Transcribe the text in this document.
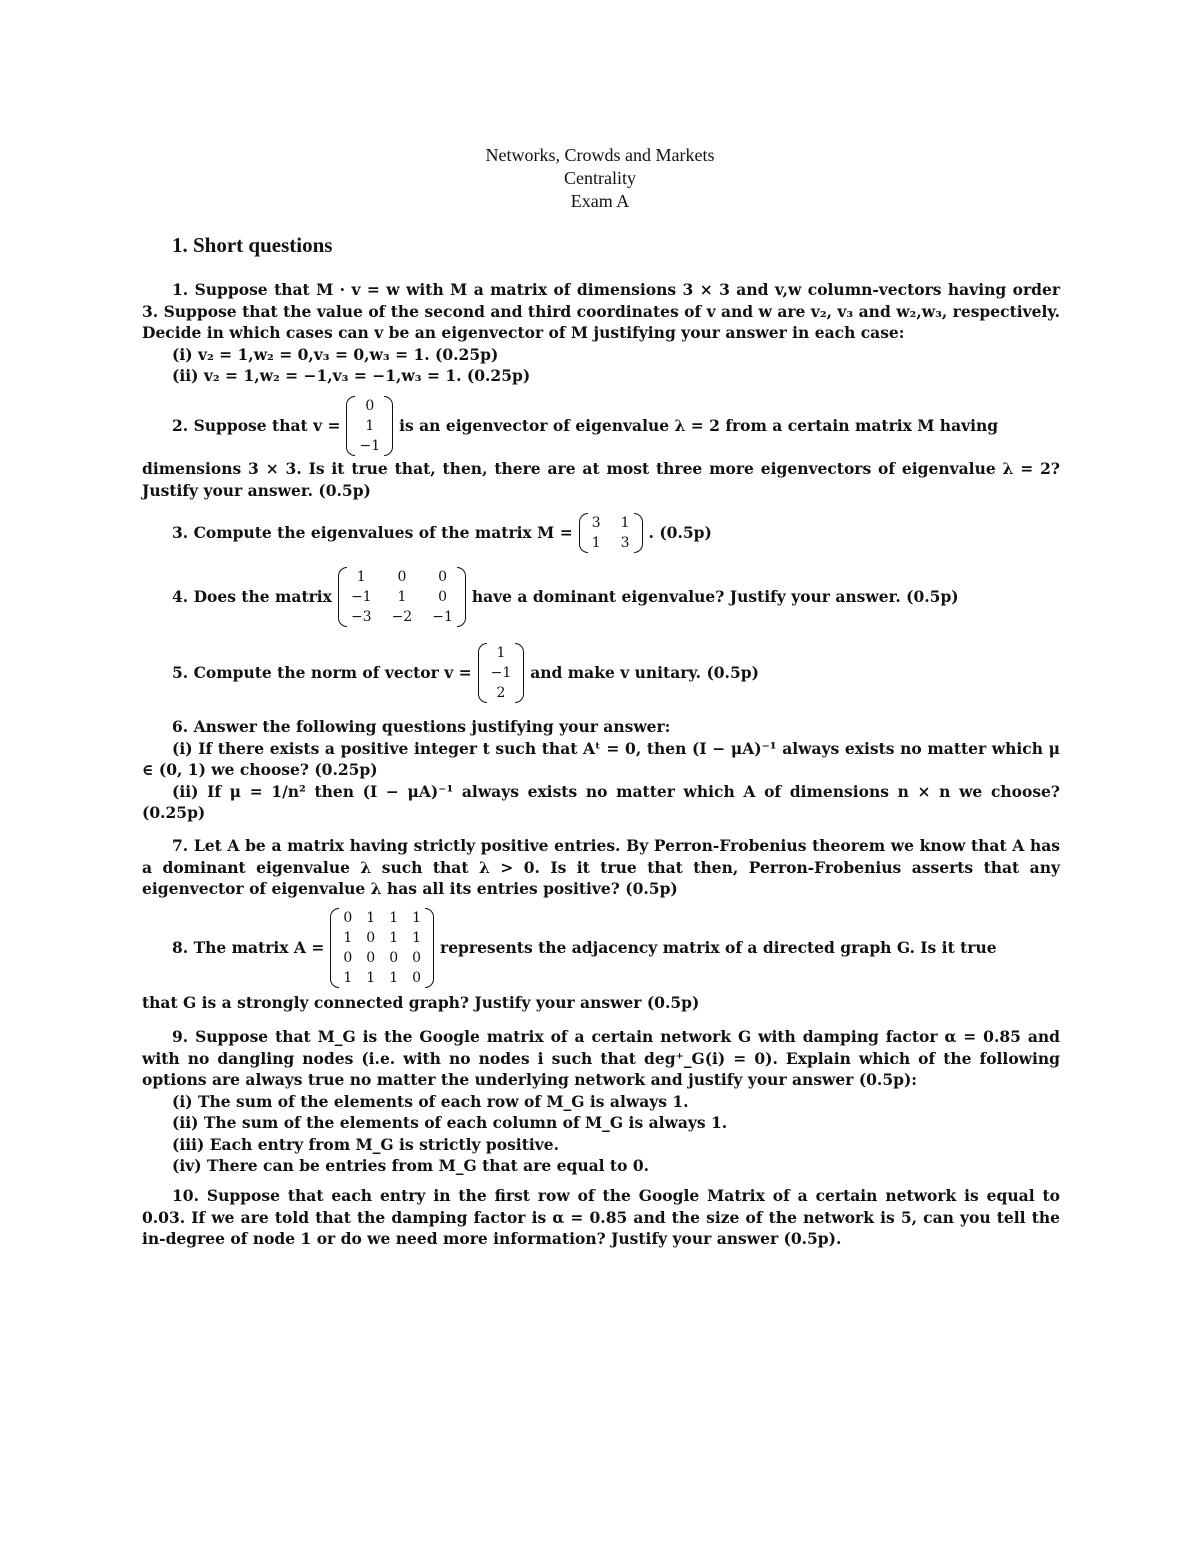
Networks, Crowds and Markets
Centrality
Exam A
1. Short questions

1. Suppose that M · v = w with M a matrix of dimensions 3 × 3 and v,w column-vectors having order 3. Suppose that the value of the second and third coordinates of v and w are v₂, v₃ and w₂,w₃, respectively. Decide in which cases can v be an eigenvector of M justifying your answer in each case:

(i) v₂ = 1,w₂ = 0,v₃ = 0,w₃ = 1. (0.25p)

(ii) v₂ = 1,w₂ = −1,v₃ = −1,w₃ = 1. (0.25p)

2. Suppose that v =
0
1
−1
is an eigenvector of eigenvalue λ = 2 from a certain matrix M having

dimensions 3 × 3. Is it true that, then, there are at most three more eigenvectors of eigenvalue λ = 2? Justify your answer. (0.5p)

3. Compute the eigenvalues of the matrix M =
3 1
1 3
. (0.5p)
4. Does the matrix
1	0	0
−1	1	0
−3 −2 −1
have a dominant eigenvalue? Justify your answer. (0.5p)
5. Compute the norm of vector v =
1
−1
2
and make v unitary. (0.5p)

6. Answer the following questions justifying your answer:

(i) If there exists a positive integer t such that Aᵗ = 0, then (I − μA)⁻¹ always exists no matter which μ ∈ (0, 1) we choose? (0.25p)

(ii) If μ = 1/n² then (I − μA)⁻¹ always exists no matter which A of dimensions n × n we choose? (0.25p)

7. Let A be a matrix having strictly positive entries. By Perron-Frobenius theorem we know that A has a dominant eigenvalue λ such that λ > 0. Is it true that then, Perron-Frobenius asserts that any eigenvector of eigenvalue λ has all its entries positive? (0.5p)

8. The matrix A =
0 1 1 1
1 0 1 1
0 0 0 0
1 1 1 0
represents the adjacency matrix of a directed graph G. Is it true

that G is a strongly connected graph? Justify your answer (0.5p)

9. Suppose that M_G is the Google matrix of a certain network G with damping factor α = 0.85 and with no dangling nodes (i.e. with no nodes i such that deg⁺_G(i) = 0). Explain which of the following options are always true no matter the underlying network and justify your answer (0.5p):

(i) The sum of the elements of each row of M_G is always 1.

(ii) The sum of the elements of each column of M_G is always 1.

(iii) Each entry from M_G is strictly positive.

(iv) There can be entries from M_G that are equal to 0.

10. Suppose that each entry in the first row of the Google Matrix of a certain network is equal to 0.03. If we are told that the damping factor is α = 0.85 and the size of the network is 5, can you tell the in-degree of node 1 or do we need more information? Justify your answer (0.5p).
